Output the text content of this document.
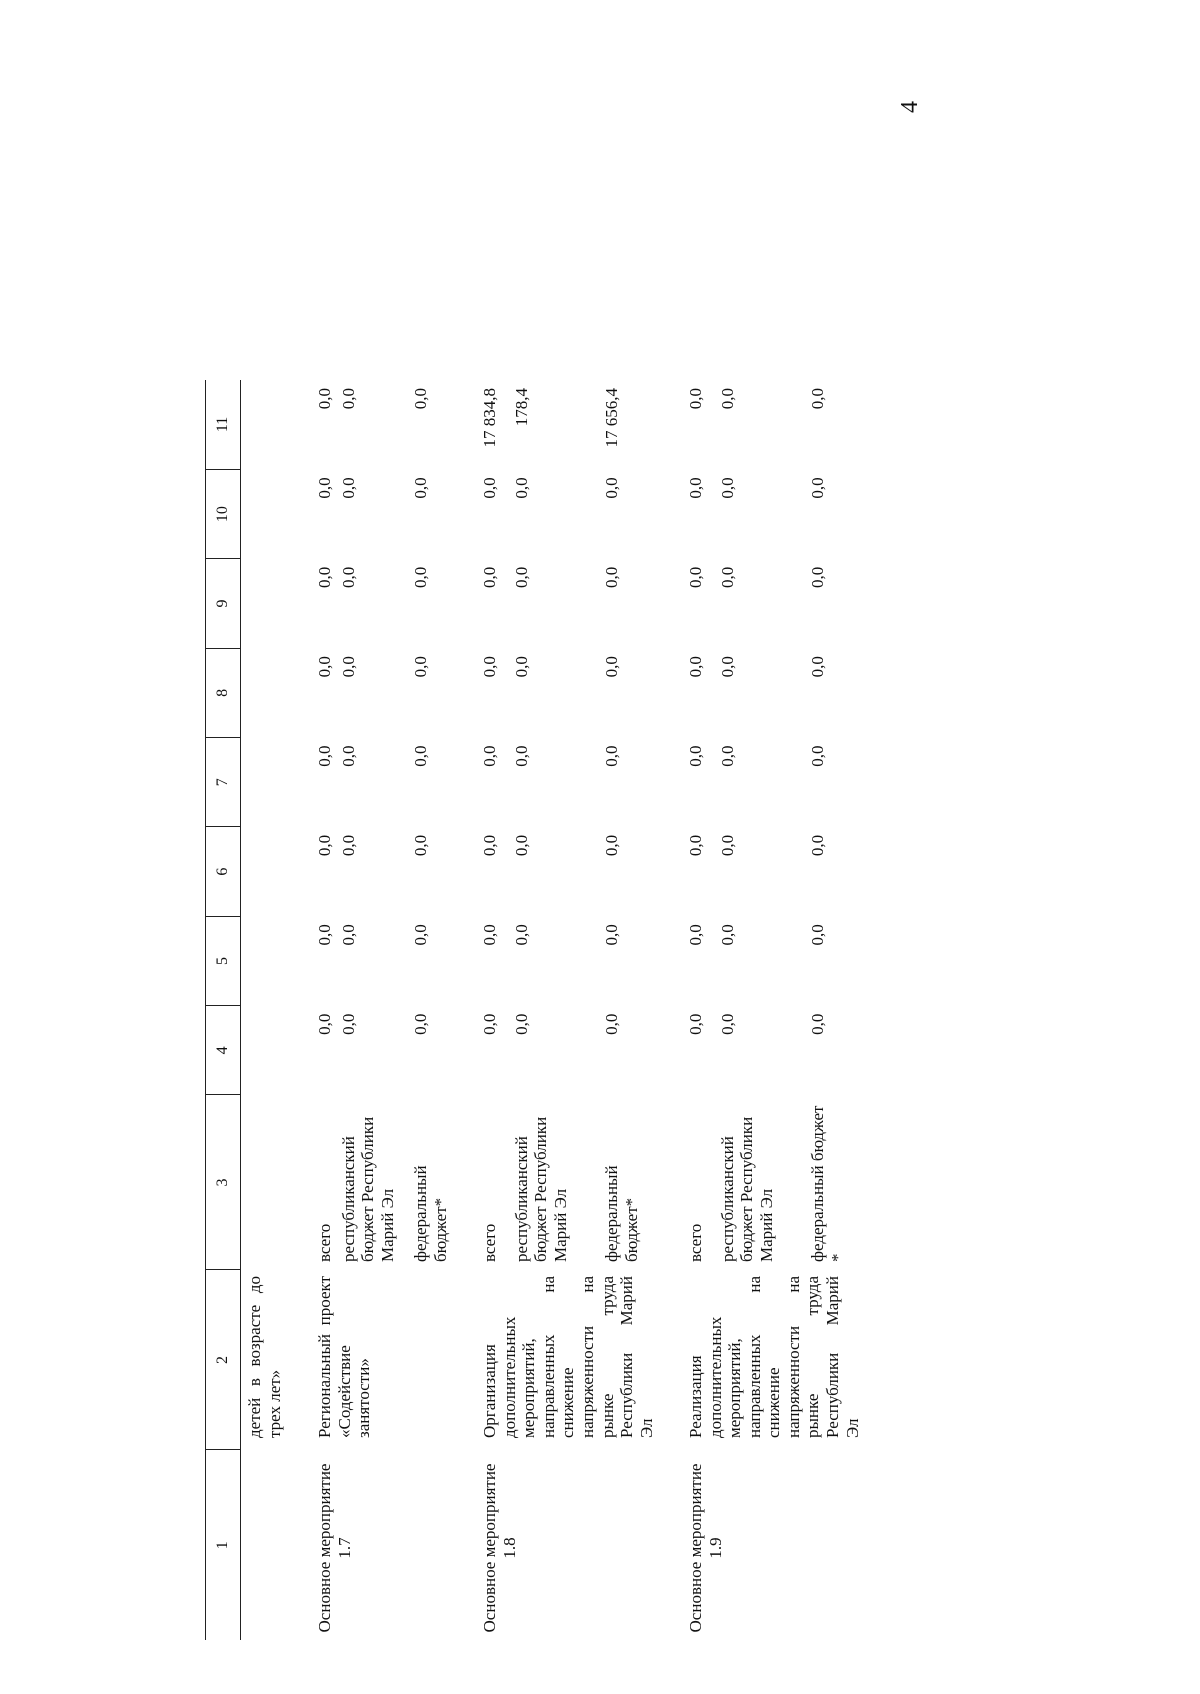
4
1	2	3	4	5	6	7	8	9	10	11
	детей в возрасте до трех лет»									
Основное мероприятие 1.7	Региональный проект «Содействие занятости»	всего	0,0	0,0	0,0	0,0	0,0	0,0	0,0	0,0
		республиканский бюджет Республики Марий Эл	0,0	0,0	0,0	0,0	0,0	0,0	0,0	0,0
		федеральный бюджет*	0,0	0,0	0,0	0,0	0,0	0,0	0,0	0,0

Основное мероприятие 1.8	Организация дополнительных мероприятий, направленных на снижение напряженности на рынке труда Республики Марий Эл	всего	0,0	0,0	0,0	0,0	0,0	0,0	0,0	17 834,8
		республиканский бюджет Республики Марий Эл	0,0	0,0	0,0	0,0	0,0	0,0	0,0	178,4
		федеральный бюджет*	0,0	0,0	0,0	0,0	0,0	0,0	0,0	17 656,4

Основное мероприятие 1.9	Реализация дополнительных мероприятий, направленных на снижение напряженности на рынке труда Республики Марий Эл	всего	0,0	0,0	0,0	0,0	0,0	0,0	0,0	0,0
		республиканский бюджет Республики Марий Эл	0,0	0,0	0,0	0,0	0,0	0,0	0,0	0,0
		федеральный бюджет *	0,0	0,0	0,0	0,0	0,0	0,0	0,0	0,0
